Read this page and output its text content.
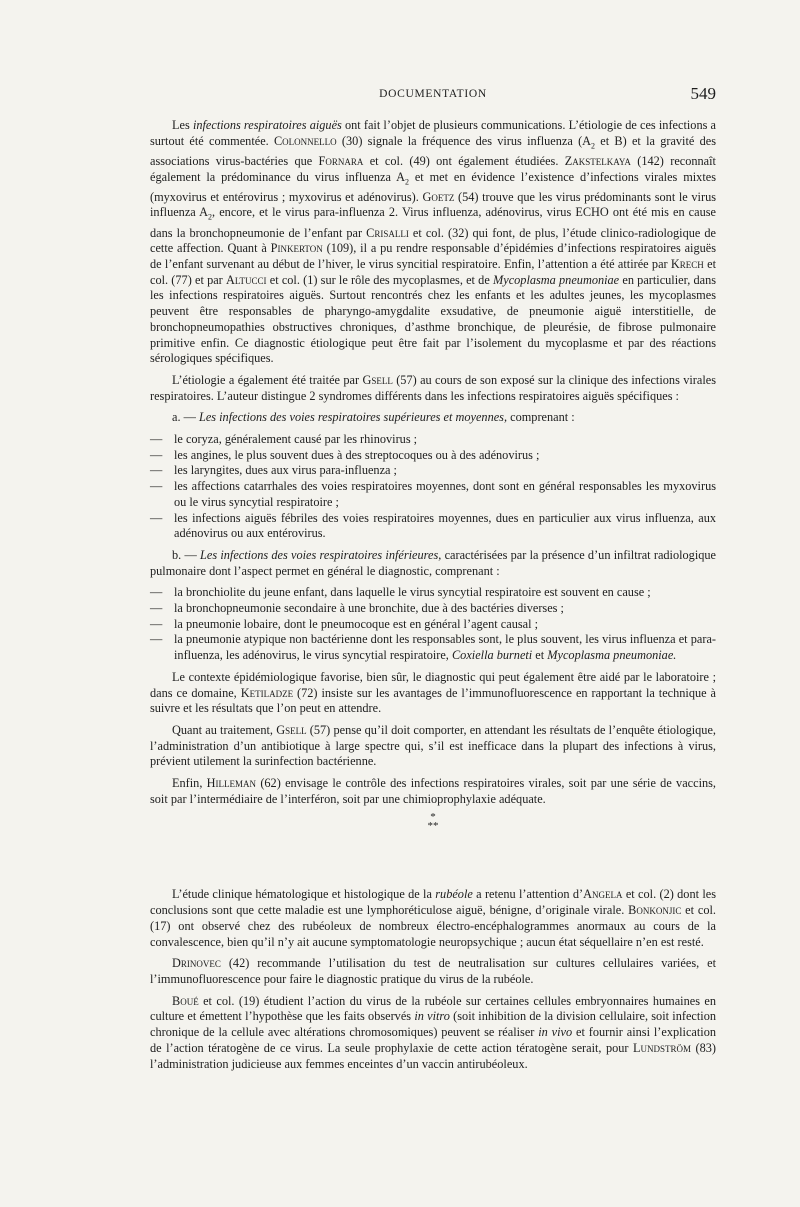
DOCUMENTATION	549

Les infections respiratoires aiguës ont fait l’objet de plusieurs communications. L’étiologie de ces infections a surtout été commentée. Colonnello (30) signale la fréquence des virus influenza ($A_2$ et B) et la gravité des associations virus-bactéries que Fornara et col. (49) ont également étudiées. Zakstelkaya (142) reconnaît également la prédominance du virus influenza $A_2$ et met en évidence l’existence d’infections virales mixtes (myxovirus et entérovirus ; myxovirus et adénovirus). Goetz (54) trouve que les virus prédominants sont le virus influenza $A_2$, encore, et le virus para-influenza 2. Virus influenza, adénovirus, virus ECHO ont été mis en cause dans la bronchopneumonie de l’enfant par Crisalli et col. (32) qui font, de plus, l’étude clinico-radiologique de cette affection. Quant à Pinkerton (109), il a pu rendre responsable d’épidémies d’infections respiratoires aiguës de l’enfant survenant au début de l’hiver, le virus syncitial respiratoire. Enfin, l’attention a été attirée par Krech et col. (77) et par Altucci et col. (1) sur le rôle des mycoplasmes, et de Mycoplasma pneumoniae en particulier, dans les infections respiratoires aiguës. Surtout rencontrés chez les enfants et les adultes jeunes, les mycoplasmes peuvent être responsables de pharyngo-amygdalite exsudative, de pneumonie aiguë interstitielle, de bronchopneumopathies obstructives chroniques, d’asthme bronchique, de pleurésie, de fibrose pulmonaire primitive enfin. Ce diagnostic étiologique peut être fait par l’isolement du mycoplasme et par des réactions sérologiques spécifiques.

L’étiologie a également été traitée par Gsell (57) au cours de son exposé sur la clinique des infections virales respiratoires. L’auteur distingue 2 syndromes différents dans les infections respiratoires aiguës spécifiques :

a. — Les infections des voies respiratoires supérieures et moyennes, comprenant :

— le coryza, généralement causé par les rhinovirus ;
— les angines, le plus souvent dues à des streptocoques ou à des adénovirus ;
— les laryngites, dues aux virus para-influenza ;
— les affections catarrhales des voies respiratoires moyennes, dont sont en général responsables les myxovirus ou le virus syncytial respiratoire ;
— les infections aiguës fébriles des voies respiratoires moyennes, dues en particulier aux virus influenza, aux adénovirus ou aux entérovirus.

b. — Les infections des voies respiratoires inférieures, caractérisées par la présence d’un infiltrat radiologique pulmonaire dont l’aspect permet en général le diagnostic, comprenant :

— la bronchiolite du jeune enfant, dans laquelle le virus syncytial respiratoire est souvent en cause ;
— la bronchopneumonie secondaire à une bronchite, due à des bactéries diverses ;
— la pneumonie lobaire, dont le pneumocoque est en général l’agent causal ;
— la pneumonie atypique non bactérienne dont les responsables sont, le plus souvent, les virus influenza et para-influenza, les adénovirus, le virus syncytial respiratoire, Coxiella burneti et Mycoplasma pneumoniae.

Le contexte épidémiologique favorise, bien sûr, le diagnostic qui peut également être aidé par le laboratoire ; dans ce domaine, Ketiladze (72) insiste sur les avantages de l’immunofluorescence en rapportant la technique à suivre et les résultats que l’on peut en attendre.

Quant au traitement, Gsell (57) pense qu’il doit comporter, en attendant les résultats de l’enquête étiologique, l’administration d’un antibiotique à large spectre qui, s’il est inefficace dans la plupart des infections à virus, prévient utilement la surinfection bactérienne.

Enfin, Hilleman (62) envisage le contrôle des infections respiratoires virales, soit par une série de vaccins, soit par l’intermédiaire de l’interféron, soit par une chimioprophylaxie adéquate.

*
**

L’étude clinique hématologique et histologique de la rubéole a retenu l’attention d’Angela et col. (2) dont les conclusions sont que cette maladie est une lymphoréticulose aiguë, bénigne, d’originale virale. Bonkonjic et col. (17) ont observé chez des rubéoleux de nombreux électro-encéphalogrammes anormaux au cours de la convalescence, bien qu’il n’y ait aucune symptomatologie neuropsychique ; aucun état séquellaire n’en est resté.

Drinovec (42) recommande l’utilisation du test de neutralisation sur cultures cellulaires variées, et l’immunofluorescence pour faire le diagnostic pratique du virus de la rubéole.

Boué et col. (19) étudient l’action du virus de la rubéole sur certaines cellules embryonnaires humaines en culture et émettent l’hypothèse que les faits observés in vitro (soit inhibition de la division cellulaire, soit infection chronique de la cellule avec altérations chromosomiques) peuvent se réaliser in vivo et fournir ainsi l’explication de l’action tératogène de ce virus. La seule prophylaxie de cette action tératogène serait, pour Lundström (83) l’administration judicieuse aux femmes enceintes d’un vaccin antirubéoleux.
